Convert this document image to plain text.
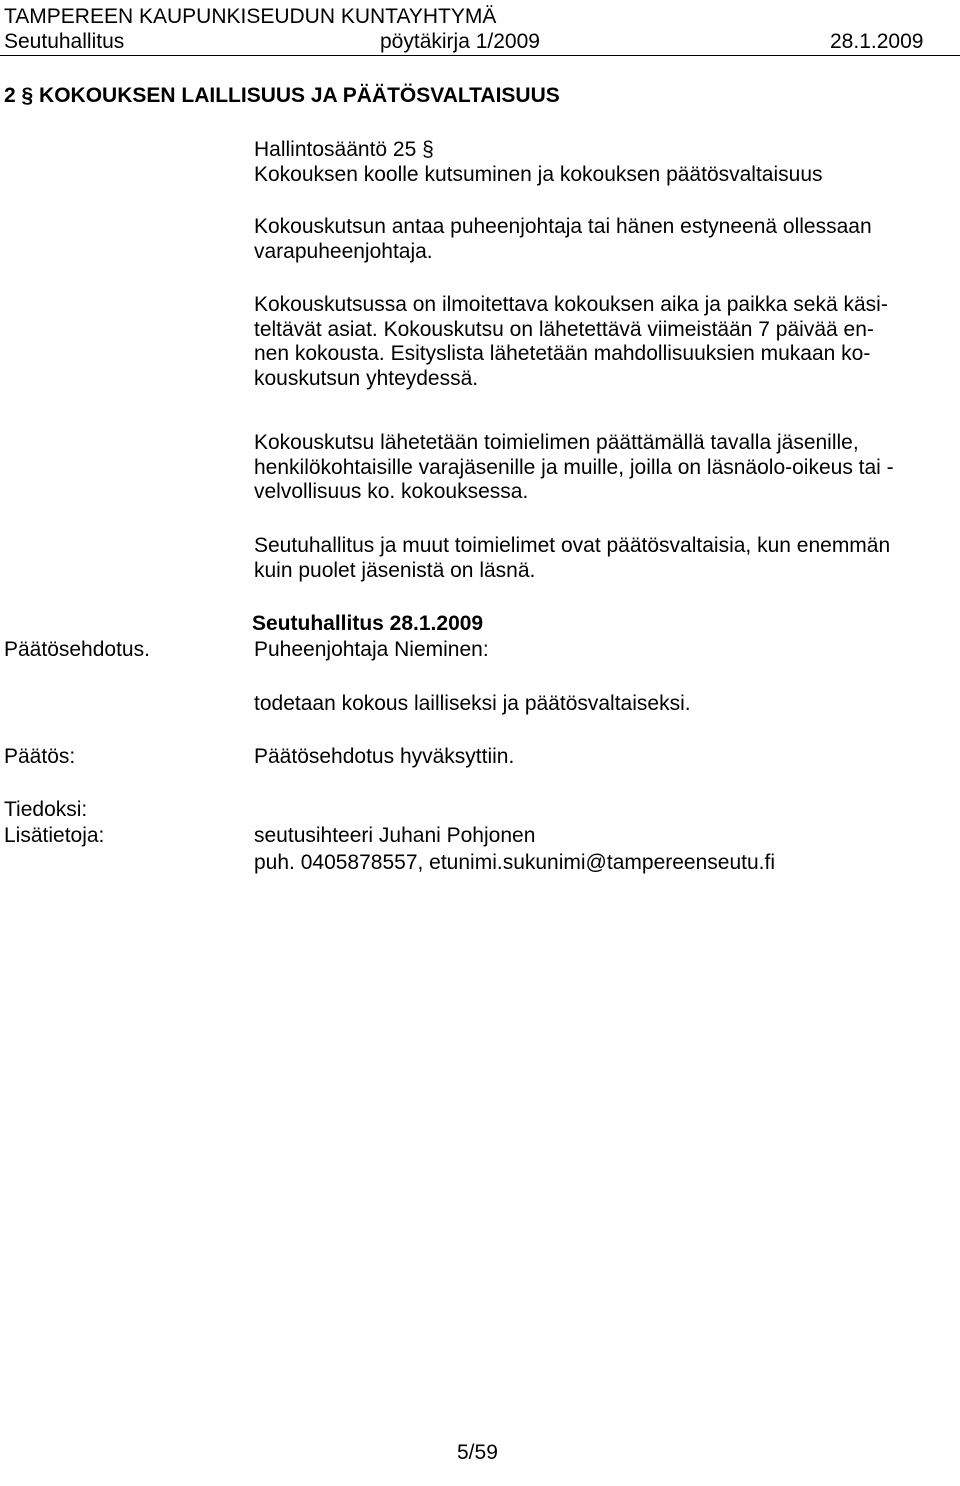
TAMPEREEN KAUPUNKISEUDUN KUNTAYHTYMÄ
Seutuhallitus	pöytäkirja 1/2009	28.1.2009
2 § KOKOUKSEN LAILLISUUS JA PÄÄTÖSVALTAISUUS
Hallintosääntö 25 §
Kokouksen koolle kutsuminen ja kokouksen päätösvaltaisuus
Kokouskutsun antaa puheenjohtaja tai hänen estyneenä ollessaan
varapuheenjohtaja.
Kokouskutsussa on ilmoitettava kokouksen aika ja paikka sekä käsi-
teltävät asiat. Kokouskutsu on lähetettävä viimeistään 7 päivää en-
nen kokousta. Esityslista lähetetään mahdollisuuksien mukaan ko-
kouskutsun yhteydessä.
Kokouskutsu lähetetään toimielimen päättämällä tavalla jäsenille,
henkilökohtaisille varajäsenille ja muille, joilla on läsnäolo-oikeus tai -
velvollisuus ko. kokouksessa.
Seutuhallitus ja muut toimielimet ovat päätösvaltaisia, kun enemmän
kuin puolet jäsenistä on läsnä.
Seutuhallitus 28.1.2009
Päätösehdotus.	Puheenjohtaja Nieminen:
todetaan kokous lailliseksi ja päätösvaltaiseksi.
Päätös:	Päätösehdotus hyväksyttiin.
Tiedoksi:
Lisätietoja:	seutusihteeri Juhani Pohjonen
puh. 0405878557, etunimi.sukunimi@tampereenseutu.fi
5/59
